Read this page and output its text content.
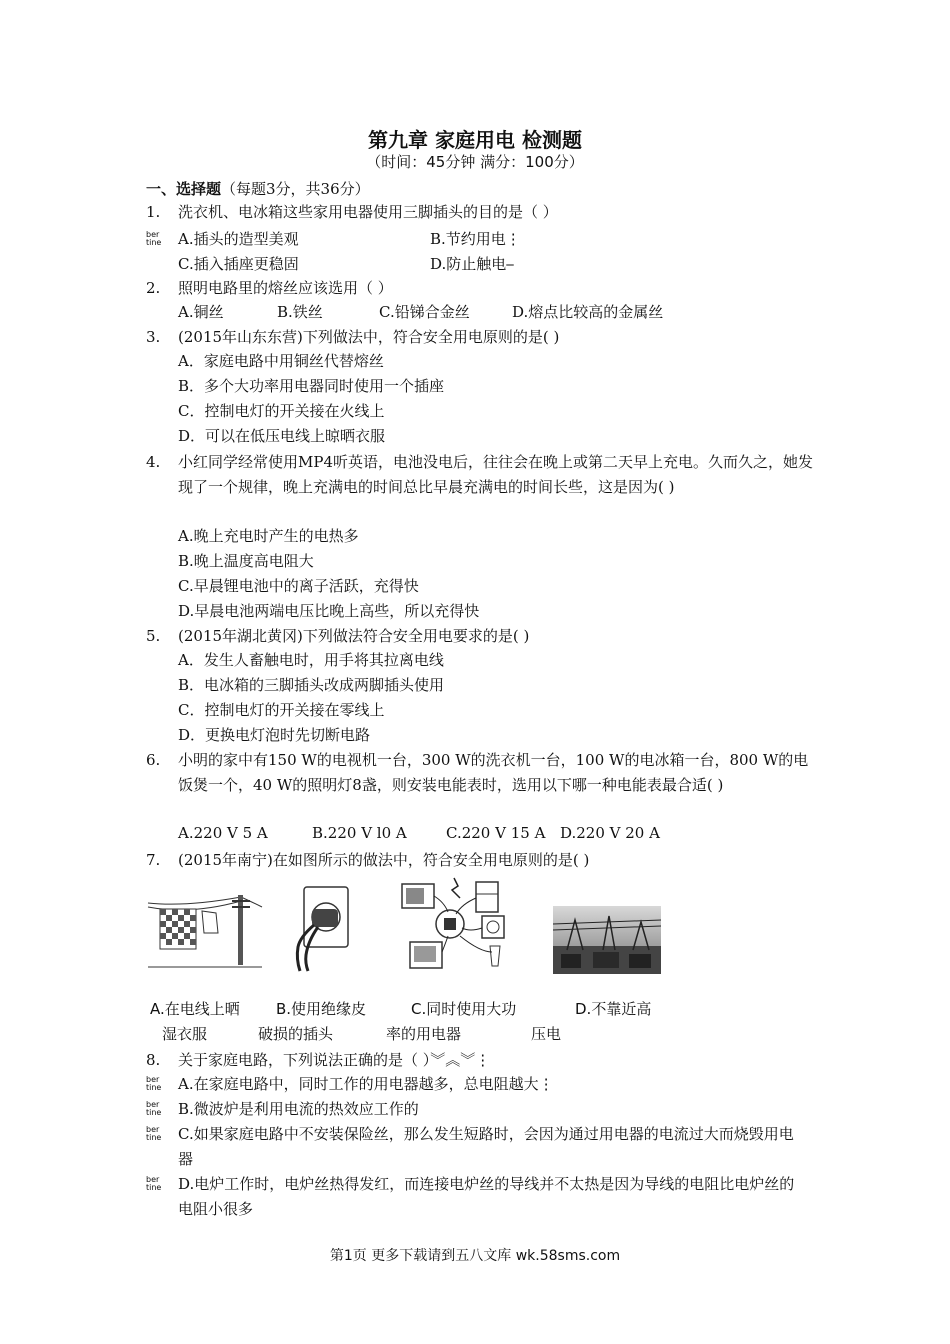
第九章 家庭用电 检测题
（时间：45分钟 满分：100分）
一、选择题（每题3分，共36分）
1. 洗衣机、电冰箱这些家用电器使用三脚插头的目的是（ ）
ber
tine	A.插头的造型美观	B.节约用电⋮
C.插入插座更稳固	D.防止触电⎯
2. 照明电路里的熔丝应该选用（ ）
A.铜丝	B.铁丝	C.铅锑合金丝	D.熔点比较高的金属丝
3. (2015年山东东营)下列做法中，符合安全用电原则的是( )
A．家庭电路中用铜丝代替熔丝
B．多个大功率用电器同时使用一个插座
C．控制电灯的开关接在火线上
D．可以在低压电线上晾晒衣服
4. 小红同学经常使用MP4听英语，电池没电后，往往会在晚上或第二天早上充电。久而久之，她发现了一个规律，晚上充满电的时间总比早晨充满电的时间长些，这是因为( )
A.晚上充电时产生的电热多
B.晚上温度高电阻大
C.早晨锂电池中的离子活跃，充得快
D.早晨电池两端电压比晚上高些，所以充得快
5. (2015年湖北黄冈)下列做法符合安全用电要求的是( )
A．发生人畜触电时，用手将其拉离电线
B．电冰箱的三脚插头改成两脚插头使用
C．控制电灯的开关接在零线上
D．更换电灯泡时先切断电路
6. 小明的家中有150 W的电视机一台，300 W的洗衣机一台，100 W的电冰箱一台，800 W的电饭煲一个，40 W的照明灯8盏，则安装电能表时，选用以下哪一种电能表最合适( )
A.220 V 5 A	B.220 V l0 A	C.220 V 15 A D.220 V 20 A
7. (2015年南宁)在如图所示的做法中，符合安全用电原则的是( )
A.在电线上晒
湿衣服
B.使用绝缘皮
破损的插头
C.同时使用大功
率的用电器
D.不靠近高
压电
8. 关于家庭电路，下列说法正确的是（ ）︾︽︾⋮
ber
tine	A.在家庭电路中，同时工作的用电器越多，总电阻越大⋮
ber
tine	B.微波炉是利用电流的热效应工作的
ber
tine	C.如果家庭电路中不安装保险丝，那么发生短路时，会因为通过用电器的电流过大而烧毁用电器
ber
tine	D.电炉工作时，电炉丝热得发红，而连接电炉丝的导线并不太热是因为导线的电阻比电炉丝的电阻小很多
第1页 更多下载请到五八文库 wk.58sms.com
